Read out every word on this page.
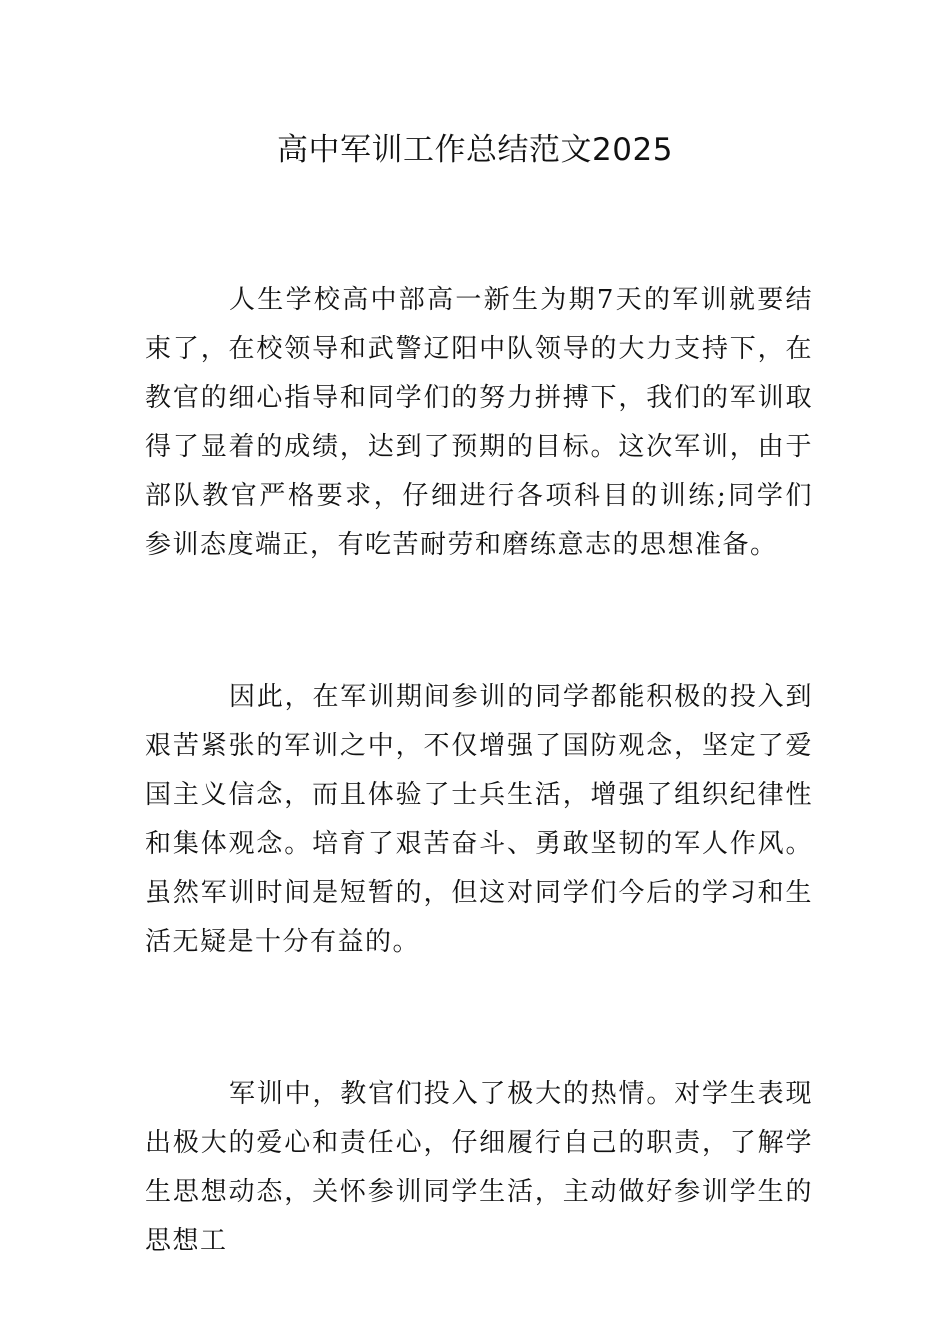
高中军训工作总结范文2025

人生学校高中部高一新生为期7天的军训就要结束了，在校领导和武警辽阳中队领导的大力支持下，在教官的细心指导和同学们的努力拼搏下，我们的军训取得了显着的成绩，达到了预期的目标。这次军训，由于部队教官严格要求，仔细进行各项科目的训练;同学们参训态度端正，有吃苦耐劳和磨练意志的思想准备。

因此，在军训期间参训的同学都能积极的投入到艰苦紧张的军训之中，不仅增强了国防观念，坚定了爱国主义信念，而且体验了士兵生活，增强了组织纪律性和集体观念。培育了艰苦奋斗、勇敢坚韧的军人作风。虽然军训时间是短暂的，但这对同学们今后的学习和生活无疑是十分有益的。

军训中，教官们投入了极大的热情。对学生表现出极大的爱心和责任心，仔细履行自己的职责，了解学生思想动态，关怀参训同学生活，主动做好参训学生的思想工
